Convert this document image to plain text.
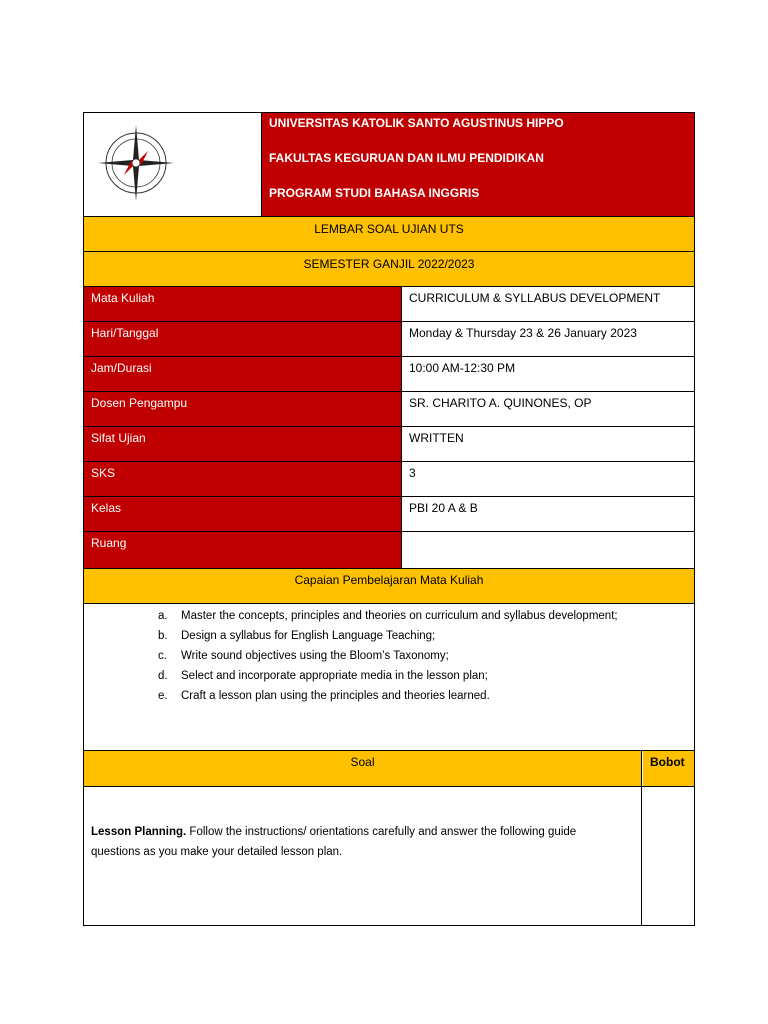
UNIVERSITAS KATOLIK SANTO AGUSTINUS HIPPO
FAKULTAS KEGURUAN DAN ILMU PENDIDIKAN
PROGRAM STUDI BAHASA INGGRIS
LEMBAR SOAL UJIAN UTS
SEMESTER GANJIL 2022/2023
Mata Kuliah	CURRICULUM & SYLLABUS DEVELOPMENT
Hari/Tanggal	Monday & Thursday 23 & 26 January 2023
Jam/Durasi	10:00 AM-12:30 PM
Dosen Pengampu	SR. CHARITO A. QUINONES, OP
Sifat Ujian	WRITTEN
SKS	3
Kelas	PBI 20 A & B
Ruang
Capaian Pembelajaran Mata Kuliah
a. Master the concepts, principles and theories on curriculum and syllabus development;
b. Design a syllabus for English Language Teaching;
c. Write sound objectives using the Bloom’s Taxonomy;
d. Select and incorporate appropriate media in the lesson plan;
e. Craft a lesson plan using the principles and theories learned.
Soal	Bobot
Lesson Planning. Follow the instructions/ orientations carefully and answer the following guide
questions as you make your detailed lesson plan.
